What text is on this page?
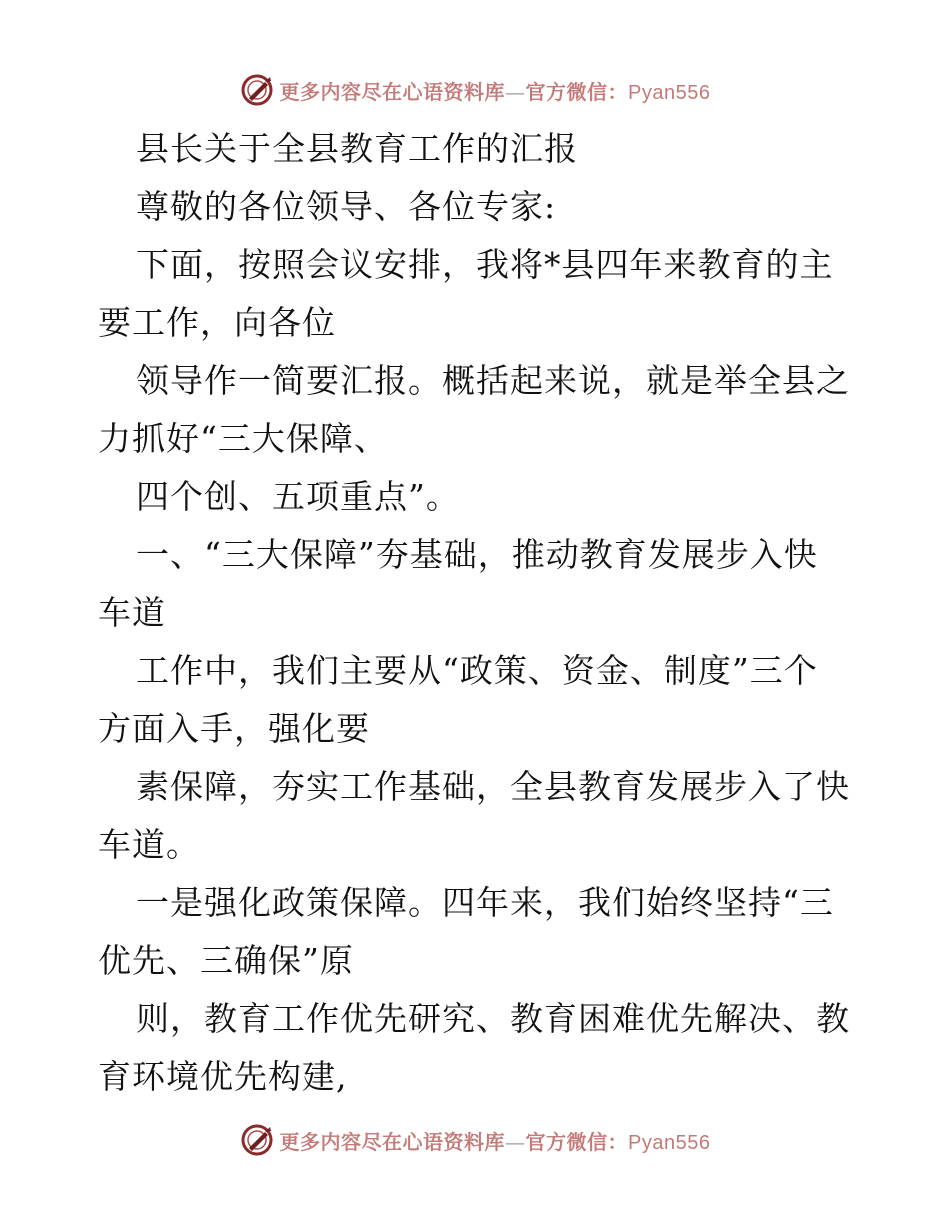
更多内容尽在心语资料库—官方微信：Pyan556
县长关于全县教育工作的汇报
尊敬的各位领导、各位专家:
下面，按照会议安排，我将*县四年来教育的主
要工作，向各位
领导作一简要汇报。概括起来说，就是举全县之
力抓好“三大保障、
四个创、五项重点”。
一、“三大保障”夯基础，推动教育发展步入快
车道
工作中，我们主要从“政策、资金、制度”三个
方面入手，强化要
素保障，夯实工作基础，全县教育发展步入了快
车道。
一是强化政策保障。四年来，我们始终坚持“三
优先、三确保”原
则，教育工作优先研究、教育困难优先解决、教
育环境优先构建,
更多内容尽在心语资料库—官方微信：Pyan556
